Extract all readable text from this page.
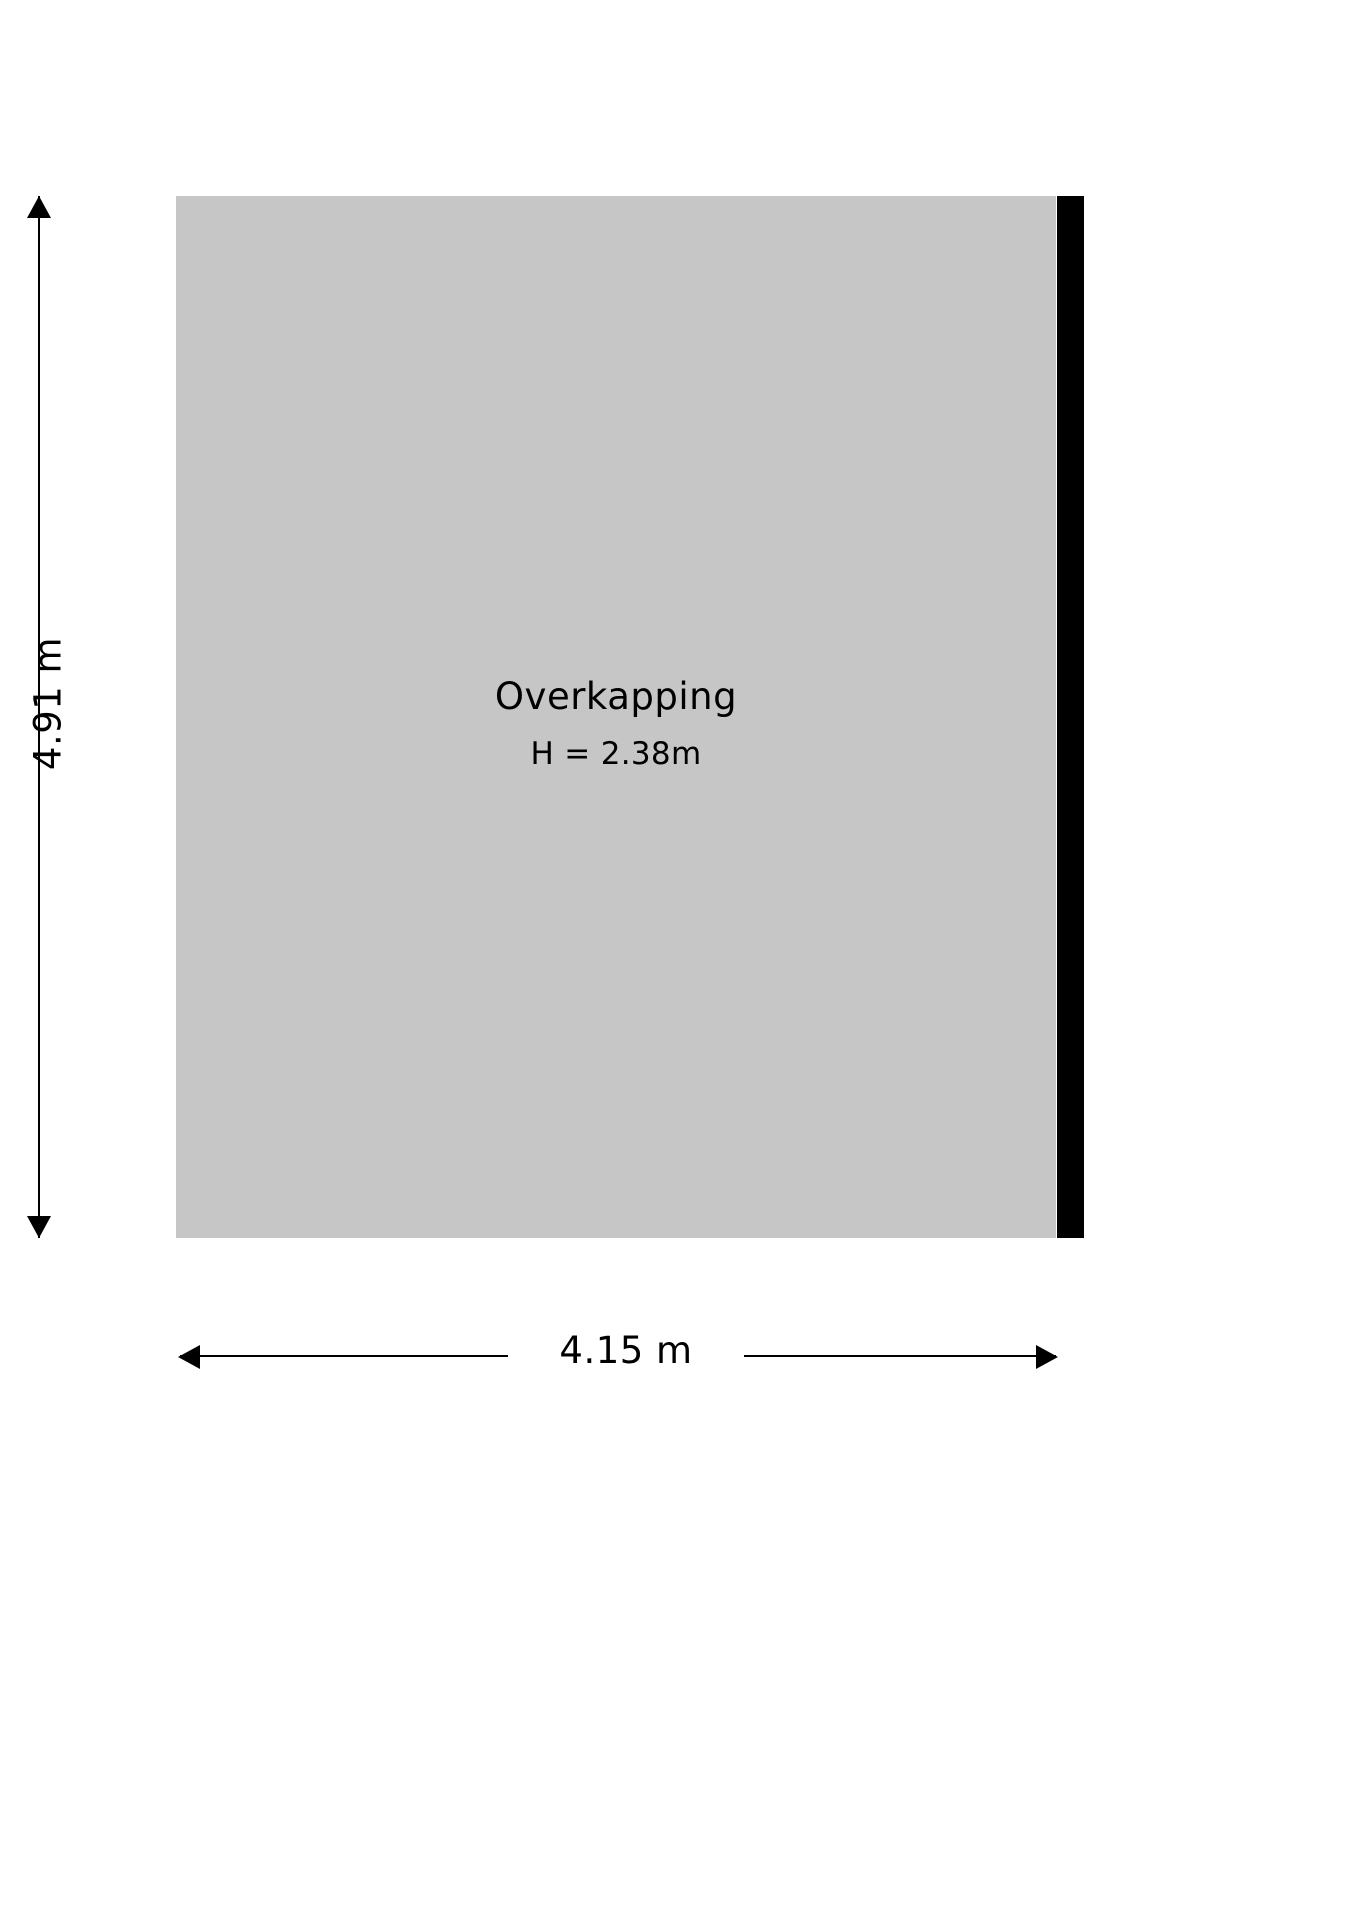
Overkapping
H = 2.38m
4.91 m
4.15 m
